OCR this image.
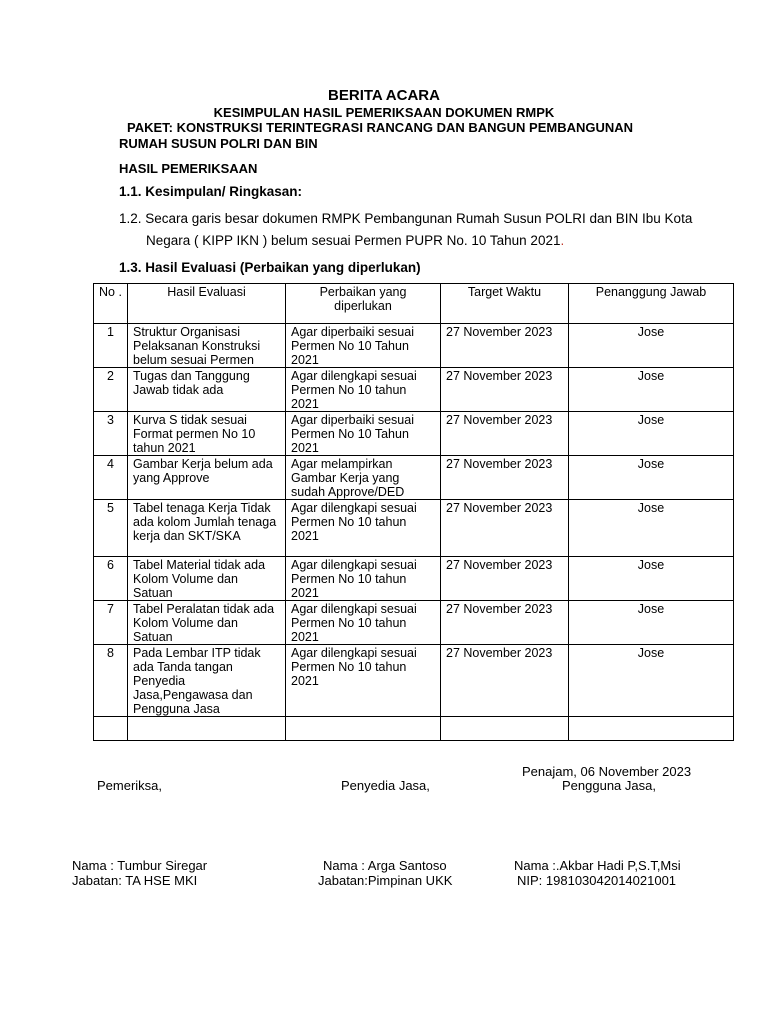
BERITA ACARA
KESIMPULAN HASIL PEMERIKSAAN DOKUMEN RMPK
PAKET: KONSTRUKSI TERINTEGRASI RANCANG DAN BANGUN PEMBANGUNAN
RUMAH SUSUN POLRI DAN BIN
HASIL PEMERIKSAAN
1.1. Kesimpulan/ Ringkasan:
1.2. Secara garis besar dokumen RMPK Pembangunan Rumah Susun POLRI dan BIN Ibu Kota
Negara ( KIPP IKN ) belum sesuai Permen PUPR No. 10 Tahun 2021.
1.3. Hasil Evaluasi (Perbaikan yang diperlukan)
No .	Hasil Evaluasi	Perbaikan yang diperlukan	Target Waktu	Penanggung Jawab
1	Struktur Organisasi Pelaksanan Konstruksi belum sesuai Permen	Agar diperbaiki sesuai Permen No 10 Tahun 2021	27 November 2023	Jose
2	Tugas dan Tanggung Jawab tidak ada	Agar dilengkapi sesuai Permen No 10 tahun 2021	27 November 2023	Jose
3	Kurva S tidak sesuai Format permen No 10 tahun 2021	Agar diperbaiki sesuai Permen No 10 Tahun 2021	27 November 2023	Jose
4	Gambar Kerja belum ada yang Approve	Agar melampirkan Gambar Kerja yang sudah Approve/DED	27 November 2023	Jose
5	Tabel tenaga Kerja Tidak ada kolom Jumlah tenaga kerja dan SKT/SKA	Agar dilengkapi sesuai Permen No 10 tahun 2021	27 November 2023	Jose
6	Tabel Material tidak ada Kolom Volume dan Satuan	Agar dilengkapi sesuai Permen No 10 tahun 2021	27 November 2023	Jose
7	Tabel Peralatan tidak ada Kolom Volume dan Satuan	Agar dilengkapi sesuai Permen No 10 tahun 2021	27 November 2023	Jose
8	Pada Lembar ITP tidak ada Tanda tangan Penyedia Jasa,Pengawasa dan Pengguna Jasa	Agar dilengkapi sesuai Permen No 10 tahun 2021	27 November 2023	Jose

Penajam, 06 November 2023
Pemeriksa,	Penyedia Jasa,	Pengguna Jasa,
Nama : Tumbur Siregar
Jabatan: TA HSE MKI
Nama : Arga Santoso
Jabatan:Pimpinan UKK
Nama :.Akbar Hadi P,S.T,Msi
NIP: 198103042014021001
